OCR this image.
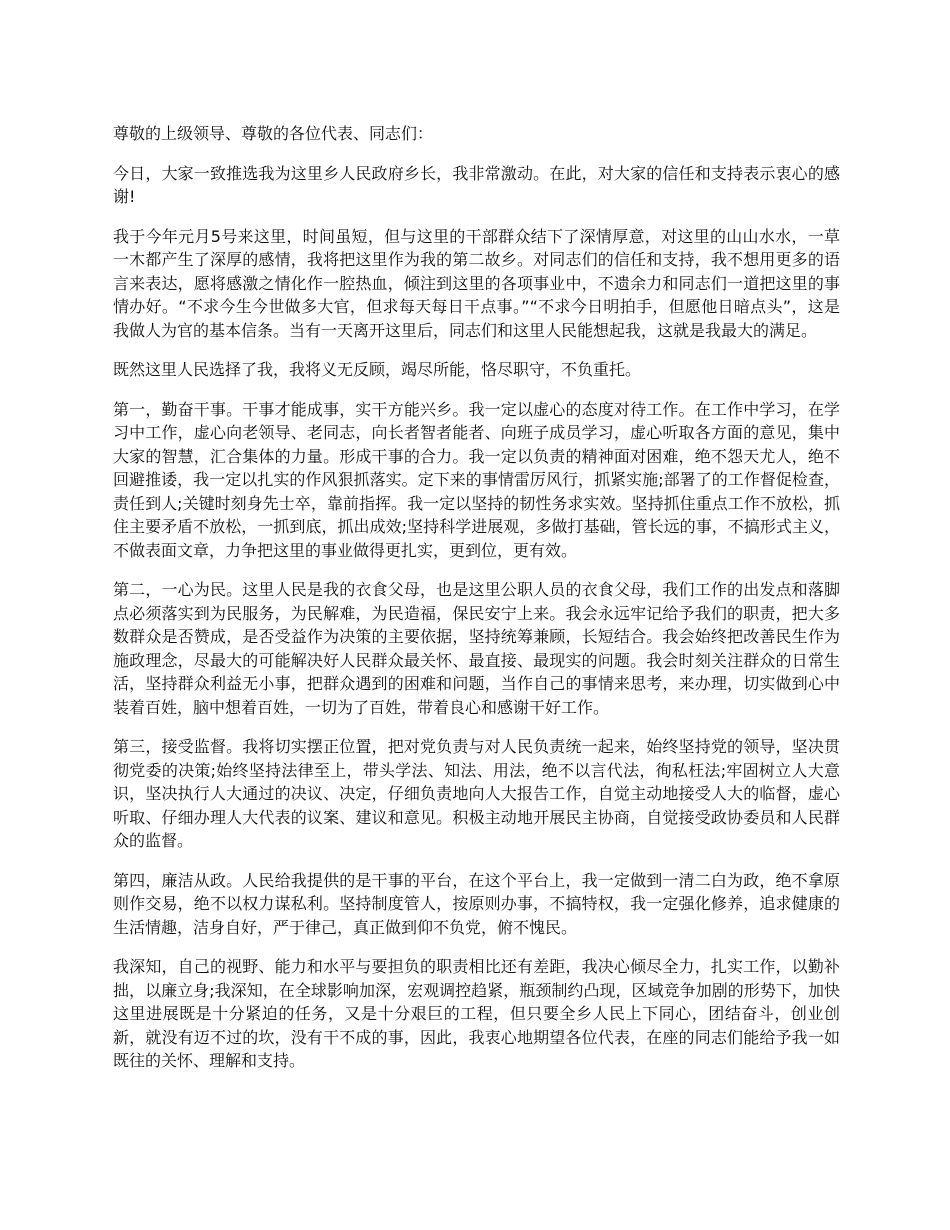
尊敬的上级领导、尊敬的各位代表、同志们：

今日，大家一致推选我为这里乡人民政府乡长，我非常激动。在此，对大家的信任和支持表示衷心的感谢!

我于今年元月5号来这里，时间虽短，但与这里的干部群众结下了深情厚意，对这里的山山水水，一草一木都产生了深厚的感情，我将把这里作为我的第二故乡。对同志们的信任和支持，我不想用更多的语言来表达，愿将感激之情化作一腔热血，倾注到这里的各项事业中，不遗余力和同志们一道把这里的事情办好。“不求今生今世做多大官，但求每天每日干点事。”“不求今日明拍手，但愿他日暗点头”，这是我做人为官的基本信条。当有一天离开这里后，同志们和这里人民能想起我，这就是我最大的满足。

既然这里人民选择了我，我将义无反顾，竭尽所能，恪尽职守，不负重托。

第一，勤奋干事。干事才能成事，实干方能兴乡。我一定以虚心的态度对待工作。在工作中学习，在学习中工作，虚心向老领导、老同志，向长者智者能者、向班子成员学习，虚心听取各方面的意见，集中大家的智慧，汇合集体的力量。形成干事的合力。我一定以负责的精神面对困难，绝不怨天尤人，绝不回避推诿，我一定以扎实的作风狠抓落实。定下来的事情雷厉风行，抓紧实施;部署了的工作督促检查，责任到人;关键时刻身先士卒，靠前指挥。我一定以坚持的韧性务求实效。坚持抓住重点工作不放松，抓住主要矛盾不放松，一抓到底，抓出成效;坚持科学进展观，多做打基础，管长远的事，不搞形式主义，不做表面文章，力争把这里的事业做得更扎实，更到位，更有效。

第二，一心为民。这里人民是我的衣食父母，也是这里公职人员的衣食父母，我们工作的出发点和落脚点必须落实到为民服务，为民解难，为民造福，保民安宁上来。我会永远牢记给予我们的职责，把大多数群众是否赞成，是否受益作为决策的主要依据，坚持统筹兼顾，长短结合。我会始终把改善民生作为施政理念，尽最大的可能解决好人民群众最关怀、最直接、最现实的问题。我会时刻关注群众的日常生活，坚持群众利益无小事，把群众遇到的困难和问题，当作自己的事情来思考，来办理，切实做到心中装着百姓，脑中想着百姓，一切为了百姓，带着良心和感谢干好工作。

第三，接受监督。我将切实摆正位置，把对党负责与对人民负责统一起来，始终坚持党的领导，坚决贯彻党委的决策;始终坚持法律至上，带头学法、知法、用法，绝不以言代法，徇私枉法;牢固树立人大意识，坚决执行人大通过的决议、决定，仔细负责地向人大报告工作，自觉主动地接受人大的临督，虚心听取、仔细办理人大代表的议案、建议和意见。积极主动地开展民主协商，自觉接受政协委员和人民群众的监督。

第四，廉洁从政。人民给我提供的是干事的平台，在这个平台上，我一定做到一清二白为政，绝不拿原则作交易，绝不以权力谋私利。坚持制度管人，按原则办事，不搞特权，我一定强化修养，追求健康的生活情趣，洁身自好，严于律己，真正做到仰不负党，俯不愧民。

我深知，自己的视野、能力和水平与要担负的职责相比还有差距，我决心倾尽全力，扎实工作，以勤补拙，以廉立身;我深知，在全球影响加深，宏观调控趋紧，瓶颈制约凸现，区域竞争加剧的形势下，加快这里进展既是十分紧迫的任务，又是十分艰巨的工程，但只要全乡人民上下同心，团结奋斗，创业创新，就没有迈不过的坎，没有干不成的事，因此，我衷心地期望各位代表，在座的同志们能给予我一如既往的关怀、理解和支持。
